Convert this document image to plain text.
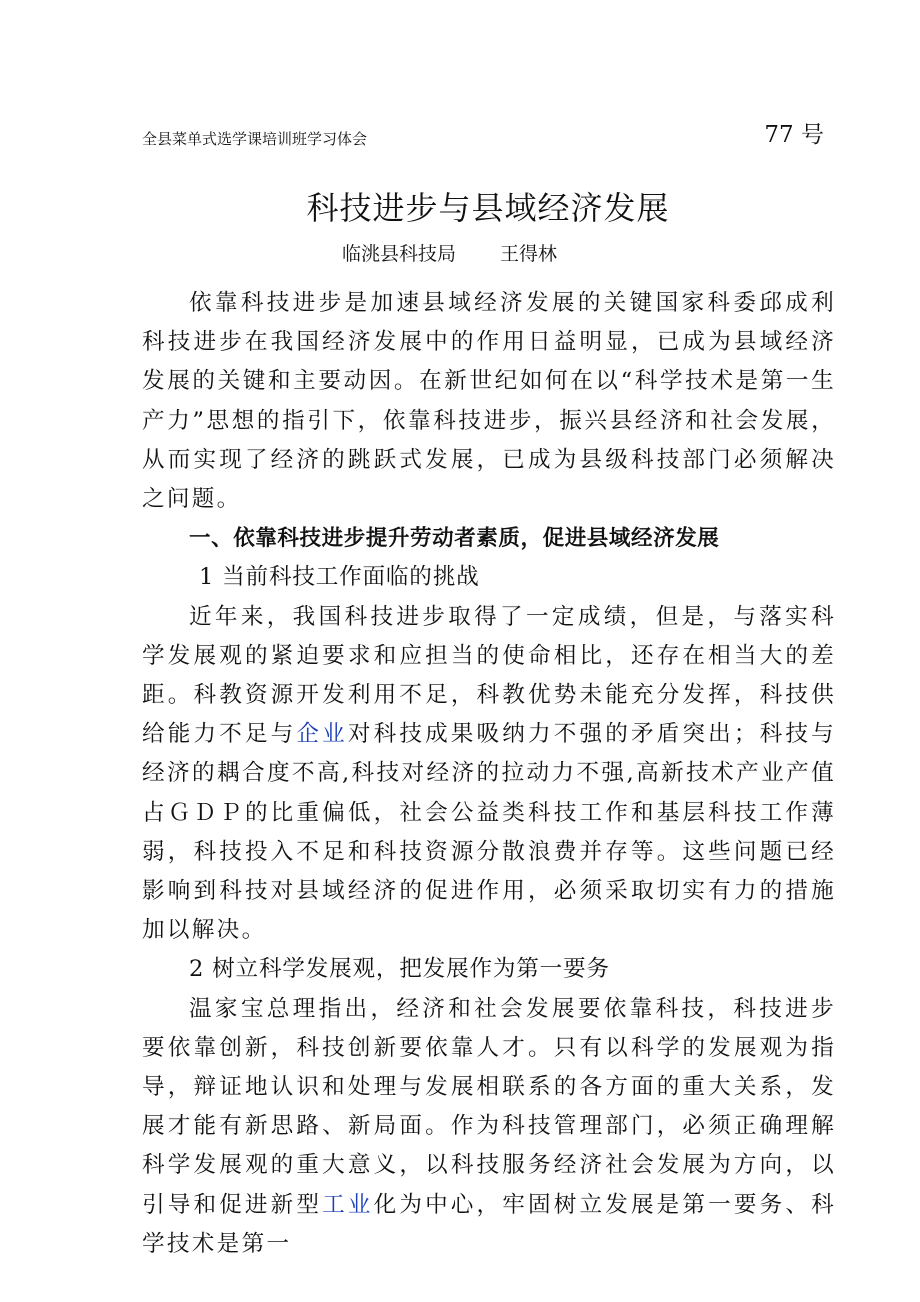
全县菜单式选学课培训班学习体会	77 号
科技进步与县域经济发展
临洮县科技局 王得林

依靠科技进步是加速县域经济发展的关键国家科委邱成利科技进步在我国经济发展中的作用日益明显，已成为县域经济发展的关键和主要动因。在新世纪如何在以“科学技术是第一生产力”思想的指引下，依靠科技进步，振兴县经济和社会发展，从而实现了经济的跳跃式发展，已成为县级科技部门必须解决之问题。

一、依靠科技进步提升劳动者素质，促进县域经济发展

1 当前科技工作面临的挑战

近年来，我国科技进步取得了一定成绩，但是，与落实科学发展观的紧迫要求和应担当的使命相比，还存在相当大的差距。科教资源开发利用不足，科教优势未能充分发挥，科技供给能力不足与企业对科技成果吸纳力不强的矛盾突出；科技与经济的耦合度不高,科技对经济的拉动力不强,高新技术产业产值占ＧＤＰ的比重偏低，社会公益类科技工作和基层科技工作薄弱，科技投入不足和科技资源分散浪费并存等。这些问题已经影响到科技对县域经济的促进作用，必须采取切实有力的措施加以解决。

2 树立科学发展观，把发展作为第一要务

温家宝总理指出，经济和社会发展要依靠科技，科技进步要依靠创新，科技创新要依靠人才。只有以科学的发展观为指导，辩证地认识和处理与发展相联系的各方面的重大关系，发展才能有新思路、新局面。作为科技管理部门，必须正确理解科学发展观的重大意义，以科技服务经济社会发展为方向，以引导和促进新型工业化为中心，牢固树立发展是第一要务、科学技术是第一
